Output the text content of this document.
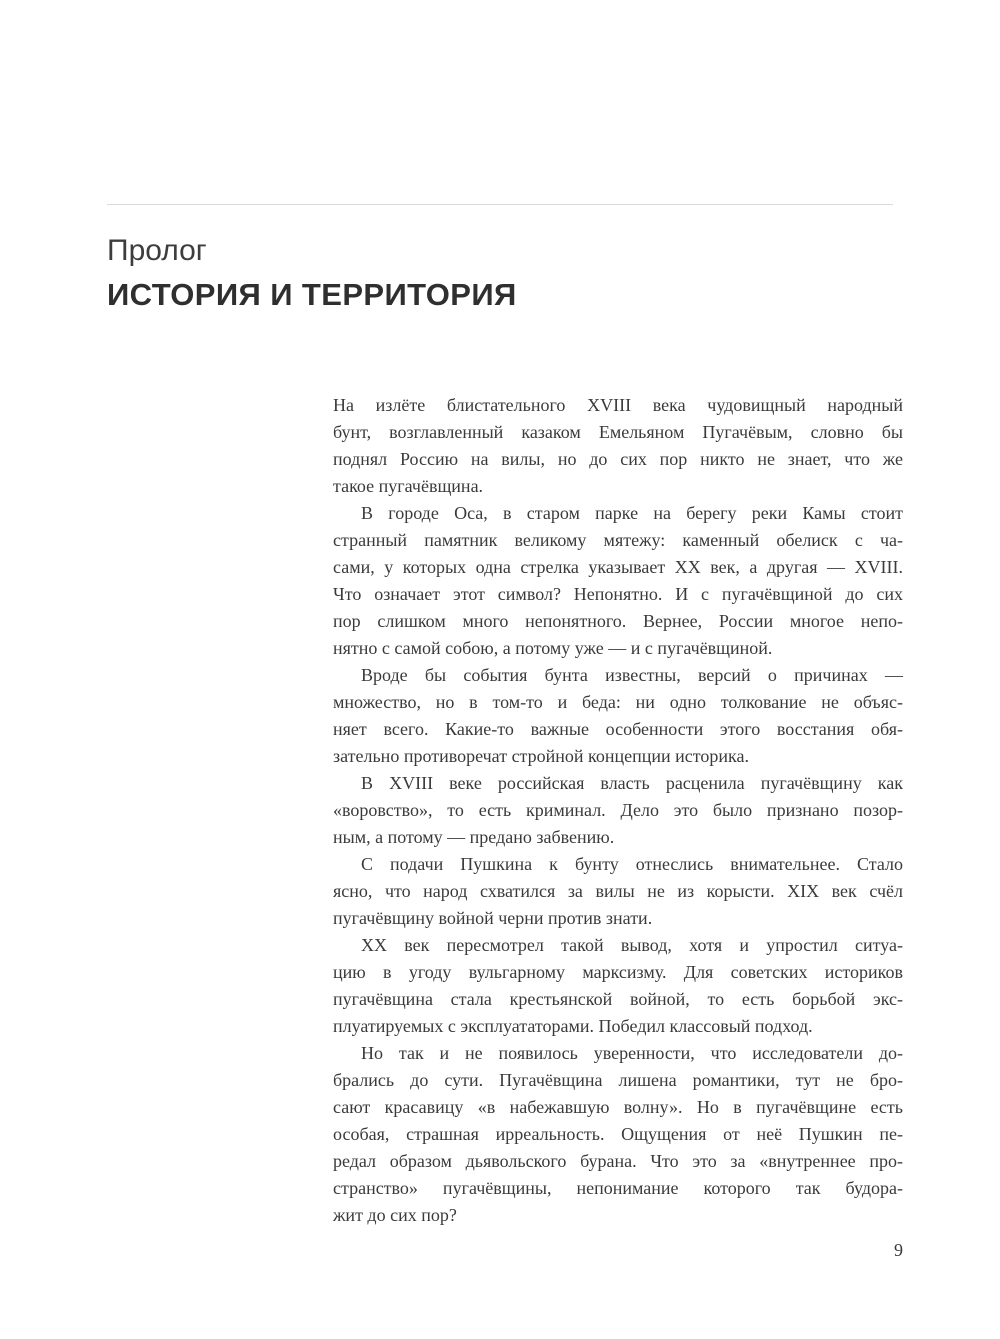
Пролог
ИСТОРИЯ И ТЕРРИТОРИЯ
На излёте блистательного XVIII века чудовищный народный
бунт, возглавленный казаком Емельяном Пугачёвым, словно бы
поднял Россию на вилы, но до сих пор никто не знает, что же
такое пугачёвщина.
В городе Оса, в старом парке на берегу реки Камы стоит
странный памятник великому мятежу: каменный обелиск с ча-
сами, у которых одна стрелка указывает XX век, а другая — XVIII.
Что означает этот символ? Непонятно. И с пугачёвщиной до сих
пор слишком много непонятного. Вернее, России многое непо-
нятно с самой собою, а потому уже — и с пугачёвщиной.
Вроде бы события бунта известны, версий о причинах —
множество, но в том-то и беда: ни одно толкование не объяс-
няет всего. Какие-то важные особенности этого восстания обя-
зательно противоречат стройной концепции историка.
В XVIII веке российская власть расценила пугачёвщину как
«воровство», то есть криминал. Дело это было признано позор-
ным, а потому — предано забвению.
С подачи Пушкина к бунту отнеслись внимательнее. Стало
ясно, что народ схватился за вилы не из корысти. XIX век счёл
пугачёвщину войной черни против знати.
XX век пересмотрел такой вывод, хотя и упростил ситуа-
цию в угоду вульгарному марксизму. Для советских историков
пугачёвщина стала крестьянской войной, то есть борьбой экс-
плуатируемых с эксплуататорами. Победил классовый подход.
Но так и не появилось уверенности, что исследователи до-
брались до сути. Пугачёвщина лишена романтики, тут не бро-
сают красавицу «в набежавшую волну». Но в пугачёвщине есть
особая, страшная ирреальность. Ощущения от неё Пушкин пе-
редал образом дьявольского бурана. Что это за «внутреннее про-
странство» пугачёвщины, непонимание которого так будора-
жит до сих пор?
9
